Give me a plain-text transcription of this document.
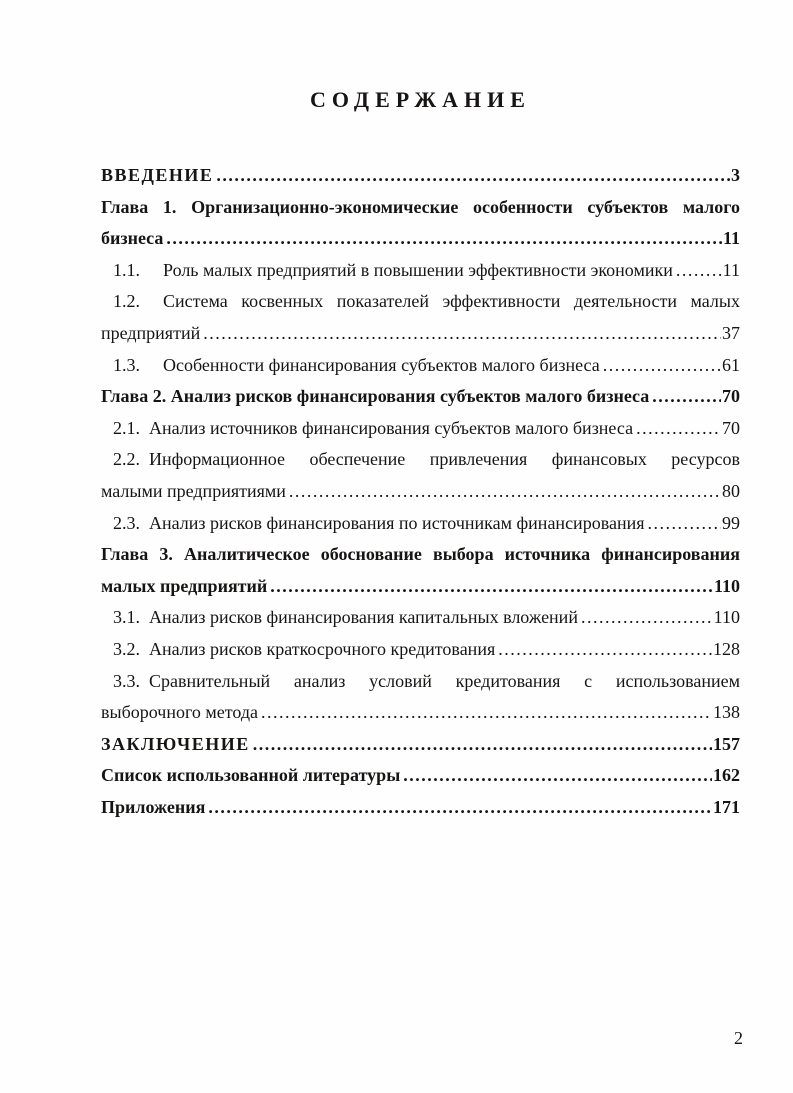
СОДЕРЖАНИЕ
ВВЕДЕНИЕ .....	3
Глава 1. Организационно-экономические особенности субъектов малого
бизнеса .....	11
1.1.	Роль малых предприятий в повышении эффективности экономики .....	11
1.2.	Система косвенных показателей эффективности деятельности малых
предприятий .....	37
1.3.	Особенности финансирования субъектов малого бизнеса .....	61
Глава 2. Анализ рисков финансирования субъектов малого бизнеса .....	70
2.1. Анализ источников финансирования субъектов малого бизнеса .....	70
2.2. Информационное обеспечение привлечения финансовых ресурсов
малыми предприятиями .....	80
2.3. Анализ рисков финансирования по источникам финансирования .....	99
Глава 3. Аналитическое обоснование выбора источника финансирования
малых предприятий .....	110
3.1. Анализ рисков финансирования капитальных вложений .....	110
3.2. Анализ рисков краткосрочного кредитования .....	128
3.3. Сравнительный анализ условий кредитования с использованием
выборочного метода .....	138
ЗАКЛЮЧЕНИЕ .....	157
Список использованной литературы .....	162
Приложения .....	171
2
